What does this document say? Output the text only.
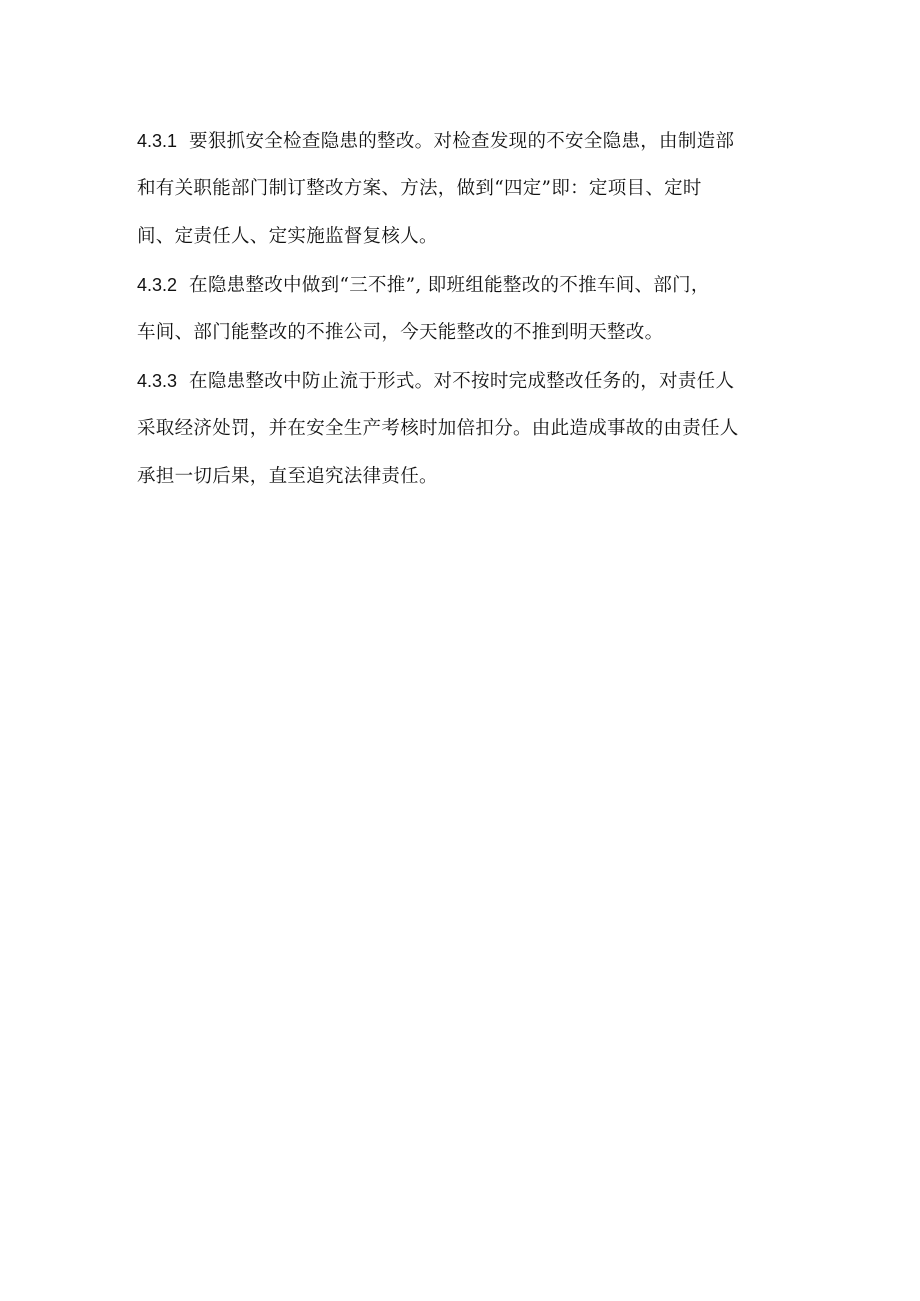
4.3.1 要狠抓安全检查隐患的整改。对检查发现的不安全隐患，由制造部
和有关职能部门制订整改方案、方法，做到“四定”即：定项目、定时
间、定责任人、定实施监督复核人。
4.3.2 在隐患整改中做到“三不推”, 即班组能整改的不推车间、部门，
车间、部门能整改的不推公司，今天能整改的不推到明天整改。
4.3.3 在隐患整改中防止流于形式。对不按时完成整改任务的，对责任人
采取经济处罚，并在安全生产考核时加倍扣分。由此造成事故的由责任人
承担一切后果，直至追究法律责任。
